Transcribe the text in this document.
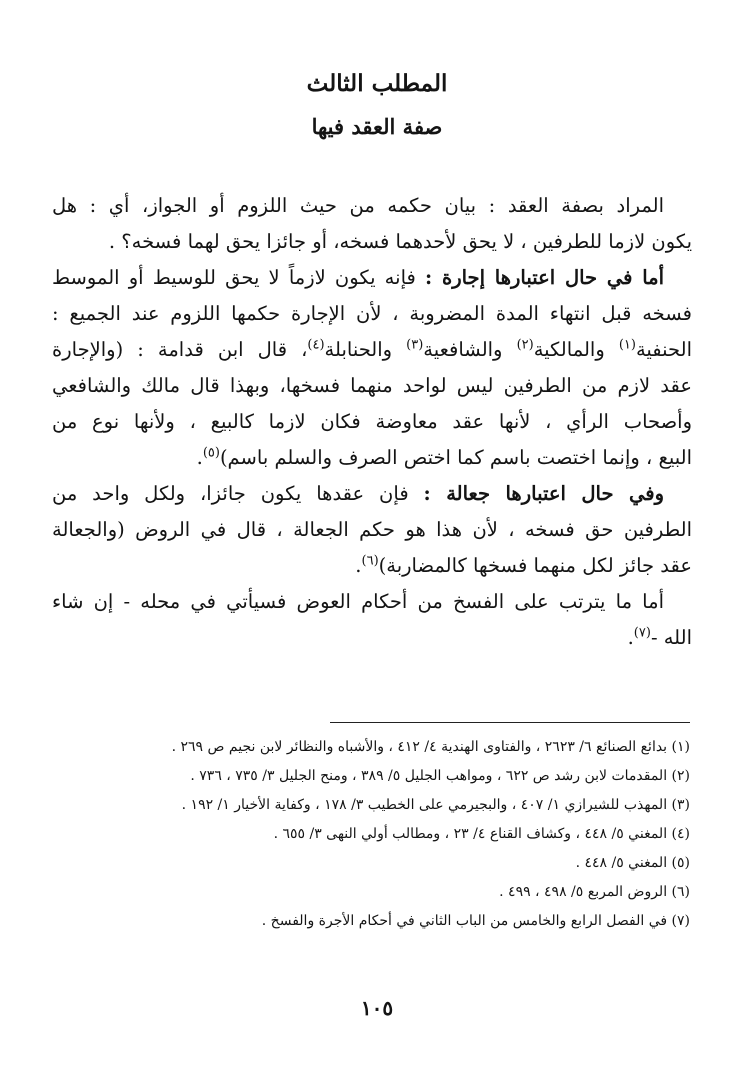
المطلب الثالث
صفة العقد فيها
المراد بصفة العقد : بيان حكمه من حيث اللزوم أو الجواز، أي : هل
يكون لازما للطرفين ، لا يحق لأحدهما فسخه، أو جائزا يحق لهما فسخه؟ .
أما في حال اعتبارها إجارة : فإنه يكون لازماً لا يحق للوسيط أو الموسط
فسخه قبل انتهاء المدة المضروبة ، لأن الإجارة حكمها اللزوم عند الجميع :
الحنفية$^{(١)}$ والمالكية$^{(٢)}$ والشافعية$^{(٣)}$ والحنابلة$^{(٤)}$، قال ابن قدامة : (والإجارة
عقد لازم من الطرفين ليس لواحد منهما فسخها، وبهذا قال مالك والشافعي
وأصحاب الرأي ، لأنها عقد معاوضة فكان لازما كالبيع ، ولأنها نوع من
البيع ، وإنما اختصت باسم كما اختص الصرف والسلم باسم)$^{(٥)}$.
وفي حال اعتبارها جعالة : فإن عقدها يكون جائزا، ولكل واحد من
الطرفين حق فسخه ، لأن هذا هو حكم الجعالة ، قال في الروض (والجعالة
عقد جائز لكل منهما فسخها كالمضاربة)$^{(٦)}$.
أما ما يترتب على الفسخ من أحكام العوض فسيأتي في محله - إن شاء
الله -$^{(٧)}$.
(١) بدائع الصنائع ٦/ ٢٦٢٣ ، والفتاوى الهندية ٤/ ٤١٢ ، والأشباه والنظائر لابن نجيم ص ٢٦٩ .
(٢) المقدمات لابن رشد ص ٦٢٢ ، ومواهب الجليل ٥/ ٣٨٩ ، ومنح الجليل ٣/ ٧٣٥ ، ٧٣٦ .
(٣) المهذب للشيرازي ١/ ٤٠٧ ، والبجيرمي على الخطيب ٣/ ١٧٨ ، وكفاية الأخيار ١/ ١٩٢ .
(٤) المغني ٥/ ٤٤٨ ، وكشاف القناع ٤/ ٢٣ ، ومطالب أولي النهى ٣/ ٦٥٥ .
(٥) المغني ٥/ ٤٤٨ .
(٦) الروض المربع ٥/ ٤٩٨ ، ٤٩٩ .
(٧) في الفصل الرابع والخامس من الباب الثاني في أحكام الأجرة والفسخ .
١٠٥
